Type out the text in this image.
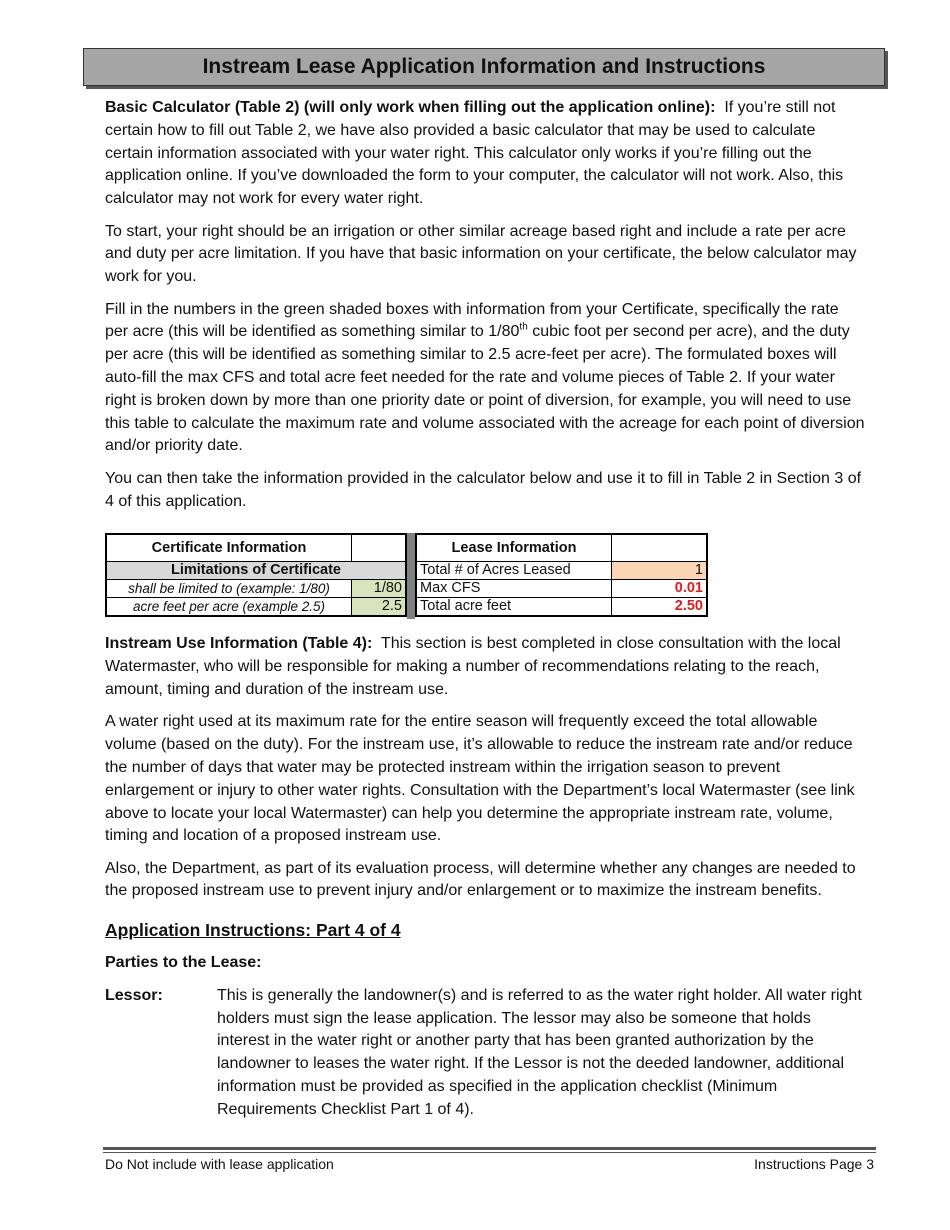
Instream Lease Application Information and Instructions

Basic Calculator (Table 2) (will only work when filling out the application online): If you’re still not certain how to fill out Table 2, we have also provided a basic calculator that may be used to calculate certain information associated with your water right. This calculator only works if you’re filling out the application online. If you’ve downloaded the form to your computer, the calculator will not work. Also, this calculator may not work for every water right.

To start, your right should be an irrigation or other similar acreage based right and include a rate per acre and duty per acre limitation. If you have that basic information on your certificate, the below calculator may work for you.

Fill in the numbers in the green shaded boxes with information from your Certificate, specifically the rate per acre (this will be identified as something similar to 1/80th cubic foot per second per acre), and the duty per acre (this will be identified as something similar to 2.5 acre-feet per acre). The formulated boxes will auto-fill the max CFS and total acre feet needed for the rate and volume pieces of Table 2. If your water right is broken down by more than one priority date or point of diversion, for example, you will need to use this table to calculate the maximum rate and volume associated with the acreage for each point of diversion and/or priority date.

You can then take the information provided in the calculator below and use it to fill in Table 2 in Section 3 of 4 of this application.

Certificate Information	
Limitations of Certificate	
shall be limited to (example: 1/80)	1/80
acre feet per acre (example 2.5)	2.5
Lease Information	
Total # of Acres Leased	1
Max CFS	0.01
Total acre feet	2.50

Instream Use Information (Table 4): This section is best completed in close consultation with the local Watermaster, who will be responsible for making a number of recommendations relating to the reach, amount, timing and duration of the instream use.

A water right used at its maximum rate for the entire season will frequently exceed the total allowable volume (based on the duty). For the instream use, it’s allowable to reduce the instream rate and/or reduce the number of days that water may be protected instream within the irrigation season to prevent enlargement or injury to other water rights. Consultation with the Department’s local Watermaster (see link above to locate your local Watermaster) can help you determine the appropriate instream rate, volume, timing and location of a proposed instream use.

Also, the Department, as part of its evaluation process, will determine whether any changes are needed to the proposed instream use to prevent injury and/or enlargement or to maximize the instream benefits.

Application Instructions: Part 4 of 4
Parties to the Lease:
Lessor:	This is generally the landowner(s) and is referred to as the water right holder. All water right holders must sign the lease application. The lessor may also be someone that holds interest in the water right or another party that has been granted authorization by the landowner to leases the water right. If the Lessor is not the deeded landowner, additional information must be provided as specified in the application checklist (Minimum Requirements Checklist Part 1 of 4).
Do Not include with lease application	Instructions Page 3
